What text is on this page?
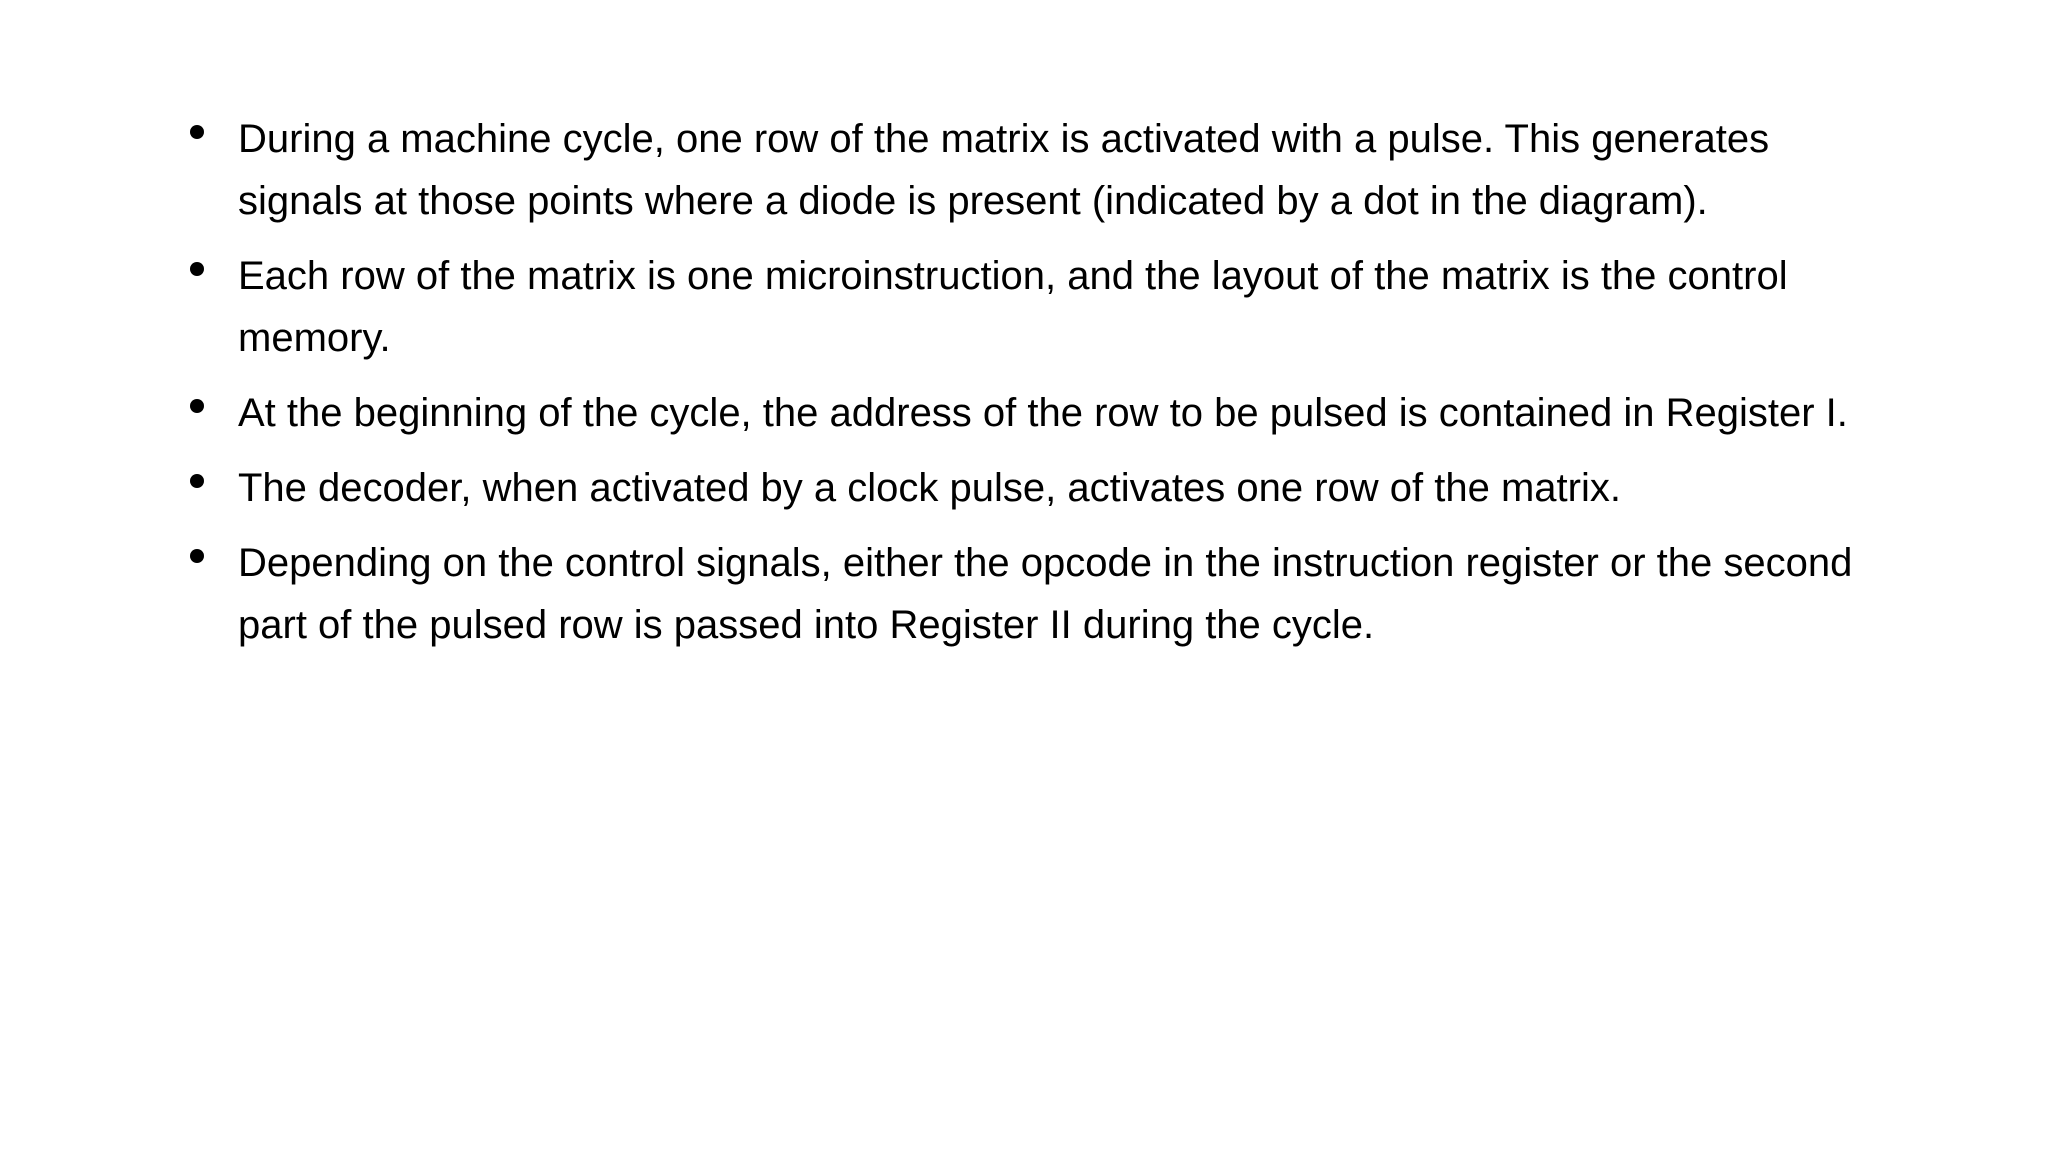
During a machine cycle, one row of the matrix is activated with a pulse. This generates signals at those points where a diode is present (indicated by a dot in the diagram).
Each row of the matrix is one microinstruction, and the layout of the matrix is the control memory.
At the beginning of the cycle, the address of the row to be pulsed is contained in Register I.
The decoder, when activated by a clock pulse, activates one row of the matrix.
Depending on the control signals, either the opcode in the instruction register or the second part of the pulsed row is passed into Register II during the cycle.
